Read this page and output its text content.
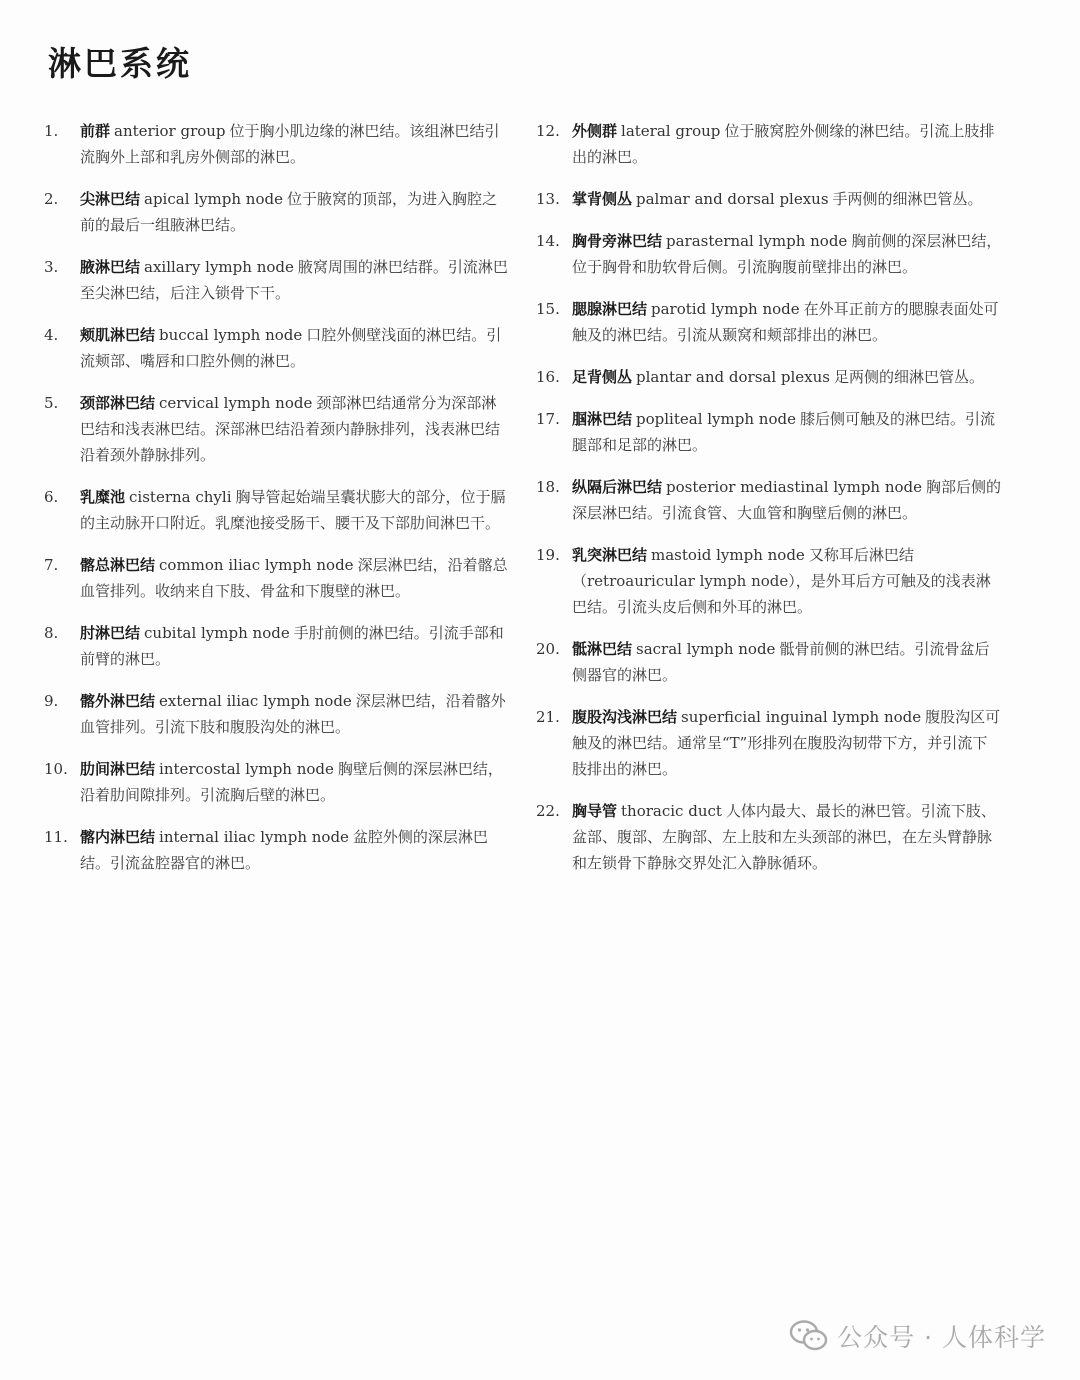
淋巴系统
1. 前群 anterior group 位于胸小肌边缘的淋巴结。该组淋巴结引流胸外上部和乳房外侧部的淋巴。
2. 尖淋巴结 apical lymph node 位于腋窝的顶部，为进入胸腔之前的最后一组腋淋巴结。
3. 腋淋巴结 axillary lymph node 腋窝周围的淋巴结群。引流淋巴至尖淋巴结，后注入锁骨下干。
4. 颊肌淋巴结 buccal lymph node 口腔外侧壁浅面的淋巴结。引流颊部、嘴唇和口腔外侧的淋巴。
5. 颈部淋巴结 cervical lymph node 颈部淋巴结通常分为深部淋巴结和浅表淋巴结。深部淋巴结沿着颈内静脉排列，浅表淋巴结沿着颈外静脉排列。
6. 乳糜池 cisterna chyli 胸导管起始端呈囊状膨大的部分，位于膈的主动脉开口附近。乳糜池接受肠干、腰干及下部肋间淋巴干。
7. 髂总淋巴结 common iliac lymph node 深层淋巴结，沿着髂总血管排列。收纳来自下肢、骨盆和下腹壁的淋巴。
8. 肘淋巴结 cubital lymph node 手肘前侧的淋巴结。引流手部和前臂的淋巴。
9. 髂外淋巴结 external iliac lymph node 深层淋巴结，沿着髂外血管排列。引流下肢和腹股沟处的淋巴。
10. 肋间淋巴结 intercostal lymph node 胸壁后侧的深层淋巴结，沿着肋间隙排列。引流胸后壁的淋巴。
11. 髂内淋巴结 internal iliac lymph node 盆腔外侧的深层淋巴结。引流盆腔器官的淋巴。
12. 外侧群 lateral group 位于腋窝腔外侧缘的淋巴结。引流上肢排出的淋巴。
13. 掌背侧丛 palmar and dorsal plexus 手两侧的细淋巴管丛。
14. 胸骨旁淋巴结 parasternal lymph node 胸前侧的深层淋巴结，位于胸骨和肋软骨后侧。引流胸腹前壁排出的淋巴。
15. 腮腺淋巴结 parotid lymph node 在外耳正前方的腮腺表面处可触及的淋巴结。引流从颞窝和颊部排出的淋巴。
16. 足背侧丛 plantar and dorsal plexus 足两侧的细淋巴管丛。
17. 腘淋巴结 popliteal lymph node 膝后侧可触及的淋巴结。引流腿部和足部的淋巴。
18. 纵隔后淋巴结 posterior mediastinal lymph node 胸部后侧的深层淋巴结。引流食管、大血管和胸壁后侧的淋巴。
19. 乳突淋巴结 mastoid lymph node 又称耳后淋巴结（retroauricular lymph node），是外耳后方可触及的浅表淋巴结。引流头皮后侧和外耳的淋巴。
20. 骶淋巴结 sacral lymph node 骶骨前侧的淋巴结。引流骨盆后侧器官的淋巴。
21. 腹股沟浅淋巴结 superficial inguinal lymph node 腹股沟区可触及的淋巴结。通常呈“T”形排列在腹股沟韧带下方，并引流下肢排出的淋巴。
22. 胸导管 thoracic duct 人体内最大、最长的淋巴管。引流下肢、盆部、腹部、左胸部、左上肢和左头颈部的淋巴，在左头臂静脉和左锁骨下静脉交界处汇入静脉循环。
公众号 · 人体科学
